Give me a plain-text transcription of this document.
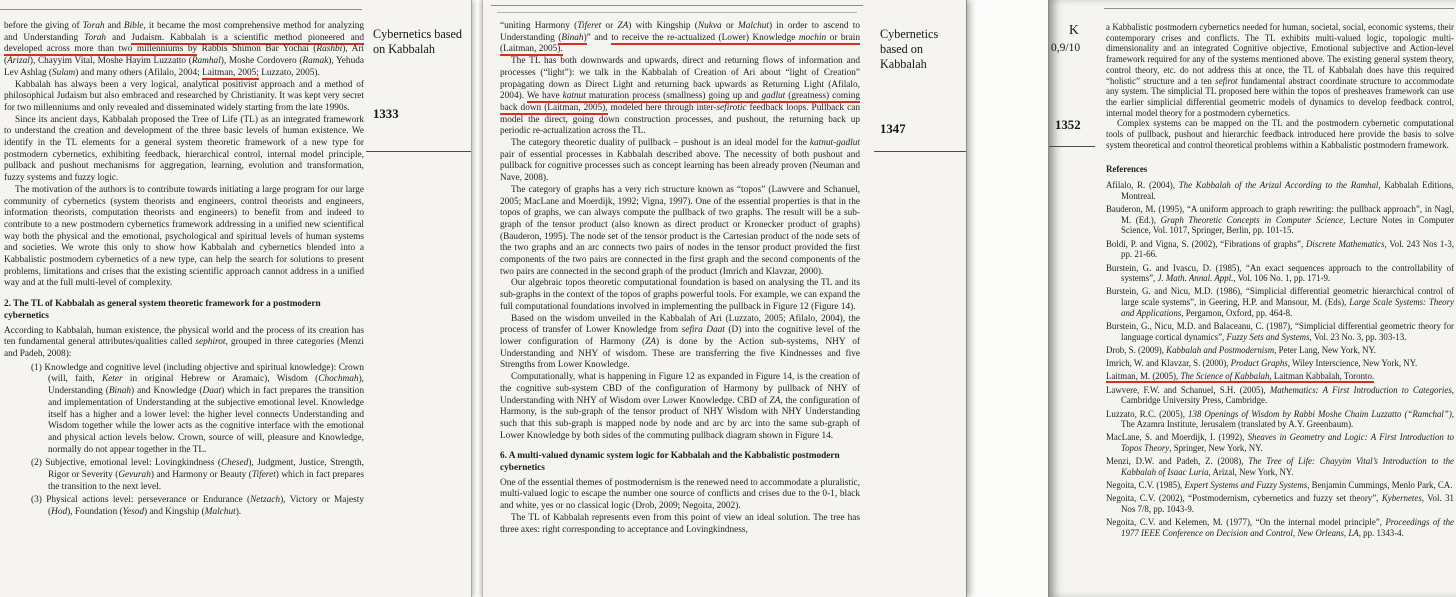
before the giving of Torah and Bible, it became the most comprehensive method for analyzing and Understanding Torah and Judaism. Kabbalah is a scientific method pioneered and developed across more than two millenniums by Rabbis Shimon Bar Yochai (Rashbi), Ari (Arizal), Chayyim Vital, Moshe Hayim Luzzatto (Ramhal), Moshe Cordovero (Ramak), Yehuda Lev Ashlag (Sulam) and many others (Afilalo, 2004; Laitman, 2005; Luzzato, 2005).
Kabbalah has always been a very logical, analytical positivist approach and a method of philosophical Judaism but also embraced and researched by Christianity. It was kept very secret for two millenniums and only revealed and disseminated widely starting from the late 1990s.
Since its ancient days, Kabbalah proposed the Tree of Life (TL) as an integrated framework to understand the creation and development of the three basic levels of human existence. We identify in the TL elements for a general system theoretic framework of a new type for postmodern cybernetics, exhibiting feedback, hierarchical control, internal model principle, pullback and pushout mechanisms for aggregation, learning, evolution and transformation, fuzzy systems and fuzzy logic.
The motivation of the authors is to contribute towards initiating a large program for our large community of cybernetics (system theorists and engineers, control theorists and engineers, information theorists, computation theorists and engineers) to benefit from and indeed to contribute to a new postmodern cybernetics framework addressing in a unified new scientifical way both the physical and the emotional, psychological and spiritual levels of human systems and societies. We wrote this only to show how Kabbalah and cybernetics blended into a Kabbalistic postmodern cybernetics of a new type, can help the search for solutions to present problems, limitations and crises that the existing scientific approach cannot address in a unified way and at the full multi-level of complexity.
2. The TL of Kabbalah as general system theoretic framework for a postmodern cybernetics
According to Kabbalah, human existence, the physical world and the process of its creation has ten fundamental general attributes/qualities called sephirot, grouped in three categories (Menzi and Padeh, 2008):
(1) Knowledge and cognitive level (including objective and spiritual knowledge): Crown (will, faith, Keter in original Hebrew or Aramaic), Wisdom (Chochmah), Understanding (Binah) and Knowledge (Daat) which in fact prepares the transition and implementation of Understanding at the subjective emotional level. Knowledge itself has a higher and a lower level: the higher level connects Understanding and Wisdom together while the lower acts as the cognitive interface with the emotional and physical action levels below. Crown, source of will, pleasure and Knowledge, normally do not appear together in the TL.
(2) Subjective, emotional level: Lovingkindness (Chesed), Judgment, Justice, Strength, Rigor or Severity (Gevurah) and Harmony or Beauty (Tiferet) which in fact prepares the transition to the next level.
(3) Physical actions level: perseverance or Endurance (Netzach), Victory or Majesty (Hod), Foundation (Yesod) and Kingship (Malchut).
Cybernetics based on Kabbalah
1333
“uniting Harmony (Tiferet or ZA) with Kingship (Nukva or Malchut) in order to ascend to Understanding (Binah)” and to receive the re-actualized (Lower) Knowledge mochin or brain (Laitman, 2005).
The TL has both downwards and upwards, direct and returning flows of information and processes (“light”): we talk in the Kabbalah of Creation of Ari about “light of Creation” propagating down as Direct Light and returning back upwards as Returning Light (Afilalo, 2004). We have katnut maturation process (smallness) going up and gadlut (greatness) coming back down (Laitman, 2005), modeled here through inter-sefirotic feedback loops. Pullback can model the direct, going down construction processes, and pushout, the returning back up periodic re-actualization across the TL.
The category theoretic duality of pullback – pushout is an ideal model for the katnut-gadlut pair of essential processes in Kabbalah described above. The necessity of both pushout and pullback for cognitive processes such as concept learning has been already proven (Neuman and Nave, 2008).
The category of graphs has a very rich structure known as “topos” (Lawvere and Schanuel, 2005; MacLane and Moerdijk, 1992; Vigna, 1997). One of the essential properties is that in the topos of graphs, we can always compute the pullback of two graphs. The result will be a sub-graph of the tensor product (also known as direct product or Kronecker product of graphs) (Bauderon, 1995). The node set of the tensor product is the Cartesian product of the node sets of the two graphs and an arc connects two pairs of nodes in the tensor product provided the first components of the two pairs are connected in the first graph and the second components of the two pairs are connected in the second graph of the product (Imrich and Klavzar, 2000).
Our algebraic topos theoretic computational foundation is based on analysing the TL and its sub-graphs in the context of the topos of graphs powerful tools. For example, we can expand the full computational foundations involved in implementing the pullback in Figure 12 (Figure 14).
Based on the wisdom unveiled in the Kabbalah of Ari (Luzzato, 2005; Afilalo, 2004), the process of transfer of Lower Knowledge from sefira Daat (D) into the cognitive level of the lower configuration of Harmony (ZA) is done by the Action sub-systems, NHY of Understanding and NHY of wisdom. These are transferring the five Kindnesses and five Strengths from Lower Knowledge.
Computationally, what is happening in Figure 12 as expanded in Figure 14, is the creation of the cognitive sub-system CBD of the configuration of Harmony by pullback of NHY of Understanding with NHY of Wisdom over Lower Knowledge. CBD of ZA, the configuration of Harmony, is the sub-graph of the tensor product of NHY Wisdom with NHY Understanding such that this sub-graph is mapped node by node and arc by arc into the same sub-graph of Lower Knowledge by both sides of the commuting pullback diagram shown in Figure 14.
6. A multi-valued dynamic system logic for Kabbalah and the Kabbalistic postmodern cybernetics
One of the essential themes of postmodernism is the renewed need to accommodate a pluralistic, multi-valued logic to escape the number one source of conflicts and crises due to the 0-1, black and white, yes or no classical logic (Drob, 2009; Negoita, 2002).
The TL of Kabbalah represents even from this point of view an ideal solution. The tree has three axes: right corresponding to acceptance and Lovingkindness,
Cybernetics based on Kabbalah
1347
K
0,9/10
1352
a Kabbalistic postmodern cybernetics needed for human, societal, social, economic systems, their contemporary crises and conflicts. The TL exhibits multi-valued logic, topologic multi-dimensionality and an integrated Cognitive objective, Emotional subjective and Action-level framework required for any of the systems mentioned above. The existing general system theory, control theory, etc. do not address this at once, the TL of Kabbalah does have this required “holistic” structure and a ten sefirot fundamental abstract coordinate structure to accommodate any system. The simplicial TL proposed here within the topos of presheaves framework can use the earlier simplicial differential geometric models of dynamics to develop feedback control, internal model theory for a postmodern cybernetics.
Complex systems can be mapped on the TL and the postmodern cybernetic computational tools of pullback, pushout and hierarchic feedback introduced here provide the basis to solve system theoretical and control theoretical problems within a Kabbalistic postmodern framework.
References
Afilalo, R. (2004), The Kabbalah of the Arizal According to the Ramhal, Kabbalah Editions, Montreal.
Bauderon, M. (1995), “A uniform approach to graph rewriting: the pullback approach”, in Nagl, M. (Ed.), Graph Theoretic Concepts in Computer Science, Lecture Notes in Computer Science, Vol. 1017, Springer, Berlin, pp. 101-15.
Boldi, P. and Vigna, S. (2002), “Fibrations of graphs”, Discrete Mathematics, Vol. 243 Nos 1-3, pp. 21-66.
Burstein, G. and Ivascu, D. (1985), “An exact sequences approach to the controllability of systems”, J. Math. Annal. Appl., Vol. 106 No. 1, pp. 171-9.
Burstein, G. and Nicu, M.D. (1986), “Simplicial differential geometric hierarchical control of large scale systems”, in Geering, H.P. and Mansour, M. (Eds), Large Scale Systems: Theory and Applications, Pergamon, Oxford, pp. 464-8.
Burstein, G., Nicu, M.D. and Balaceanu, C. (1987), “Simplicial differential geometric theory for language cortical dynamics”, Fuzzy Sets and Systems, Vol. 23 No. 3, pp. 303-13.
Drob, S. (2009), Kabbalah and Postmodernism, Peter Lang, New York, NY.
Imrich, W. and Klavzar, S. (2000), Product Graphs, Wiley Interscience, New York, NY.
Laitman, M. (2005), The Science of Kabbalah, Laitman Kabbalah, Toronto.
Lawvere, F.W. and Schanuel, S.H. (2005), Mathematics: A First Introduction to Categories, Cambridge University Press, Cambridge.
Luzzato, R.C. (2005), 138 Openings of Wisdom by Rabbi Moshe Chaim Luzzatto (“Ramchal”), The Azamra Institute, Jerusalem (translated by A.Y. Greenbaum).
MacLane, S. and Moerdijk, I. (1992), Sheaves in Geometry and Logic: A First Introduction to Topos Theory, Springer, New York, NY.
Menzi, D.W. and Padeh, Z. (2008), The Tree of Life: Chayyim Vital’s Introduction to the Kabbalah of Isaac Luria, Arizal, New York, NY.
Negoita, C.V. (1985), Expert Systems and Fuzzy Systems, Benjamin Cummings, Menlo Park, CA.
Negoita, C.V. (2002), “Postmodernism, cybernetics and fuzzy set theory”, Kybernetes, Vol. 31 Nos 7/8, pp. 1043-9.
Negoita, C.V. and Kelemen, M. (1977), “On the internal model principle”, Proceedings of the 1977 IEEE Conference on Decision and Control, New Orleans, LA, pp. 1343-4.
